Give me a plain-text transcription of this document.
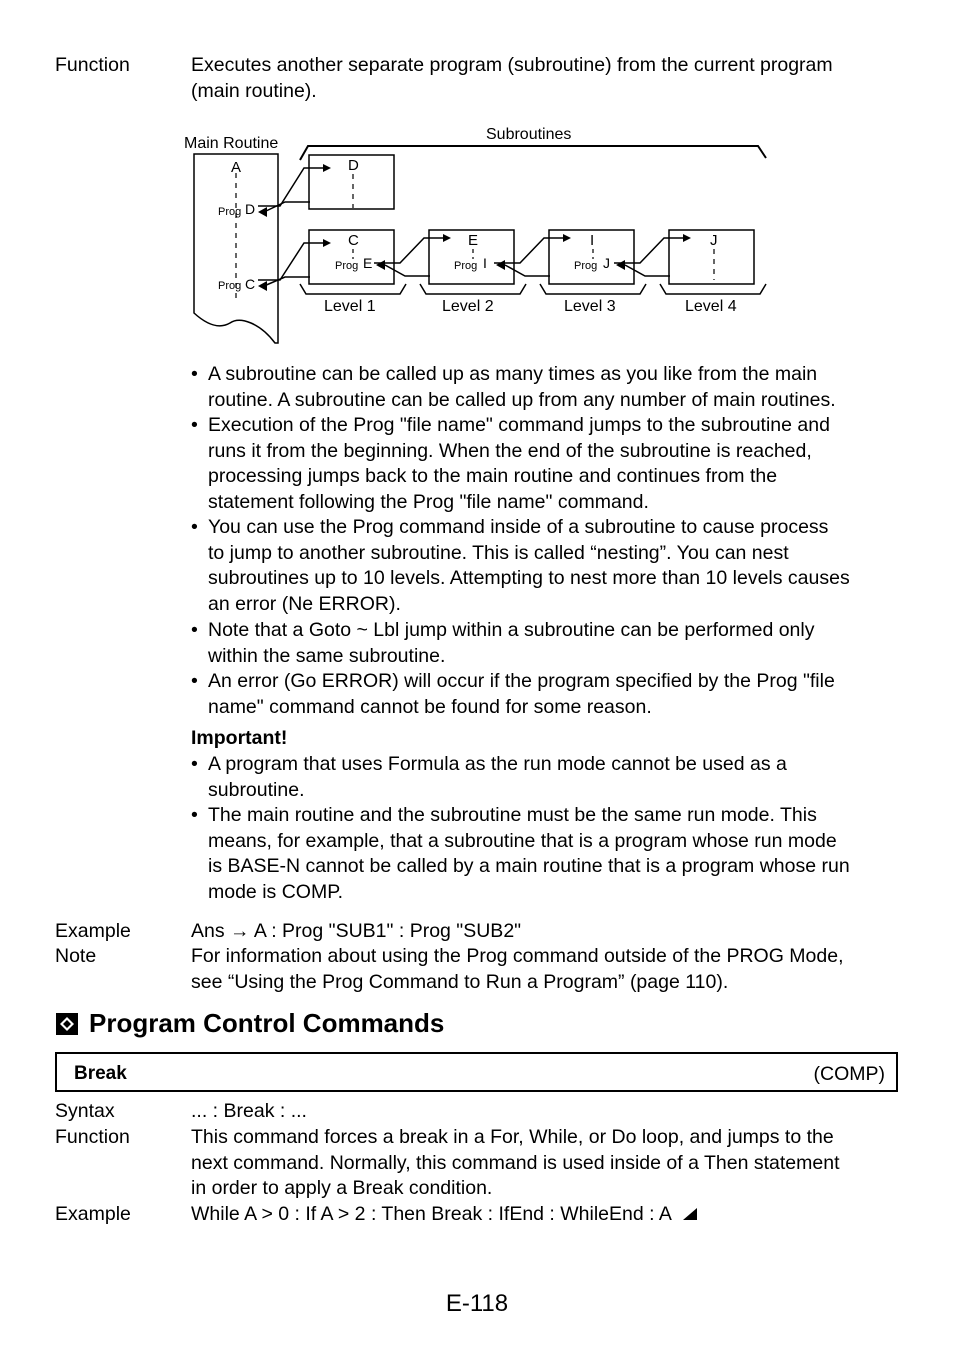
Function	Executes another separate program (subroutine) from the current program
(main routine).
Main Routine
Subroutines
A
Prog D
Prog C
D
C
Prog E
E
Prog I
I
Prog J
J
Level 1	Level 2	Level 3	Level 4
• A subroutine can be called up as many times as you like from the main
routine. A subroutine can be called up from any number of main routines.
• Execution of the Prog "file name" command jumps to the subroutine and
runs it from the beginning. When the end of the subroutine is reached,
processing jumps back to the main routine and continues from the
statement following the Prog "file name" command.
• You can use the Prog command inside of a subroutine to cause process
to jump to another subroutine. This is called “nesting”. You can nest
subroutines up to 10 levels. Attempting to nest more than 10 levels causes
an error (Ne ERROR).
• Note that a Goto ~ Lbl jump within a subroutine can be performed only
within the same subroutine.
• An error (Go ERROR) will occur if the program specified by the Prog "file
name" command cannot be found for some reason.
Important!
• A program that uses Formula as the run mode cannot be used as a
subroutine.
• The main routine and the subroutine must be the same run mode. This
means, for example, that a subroutine that is a program whose run mode
is BASE-N cannot be called by a main routine that is a program whose run
mode is COMP.
Example	Ans → A : Prog "SUB1" : Prog "SUB2"
Note	For information about using the Prog command outside of the PROG Mode,
see “Using the Prog Command to Run a Program” (page 110).
Program Control Commands
Break	(COMP)
Syntax	... : Break : ...
Function	This command forces a break in a For, While, or Do loop, and jumps to the
next command. Normally, this command is used inside of a Then statement
in order to apply a Break condition.
Example	While A > 0 : If A > 2 : Then Break : IfEnd : WhileEnd : A
E-118
